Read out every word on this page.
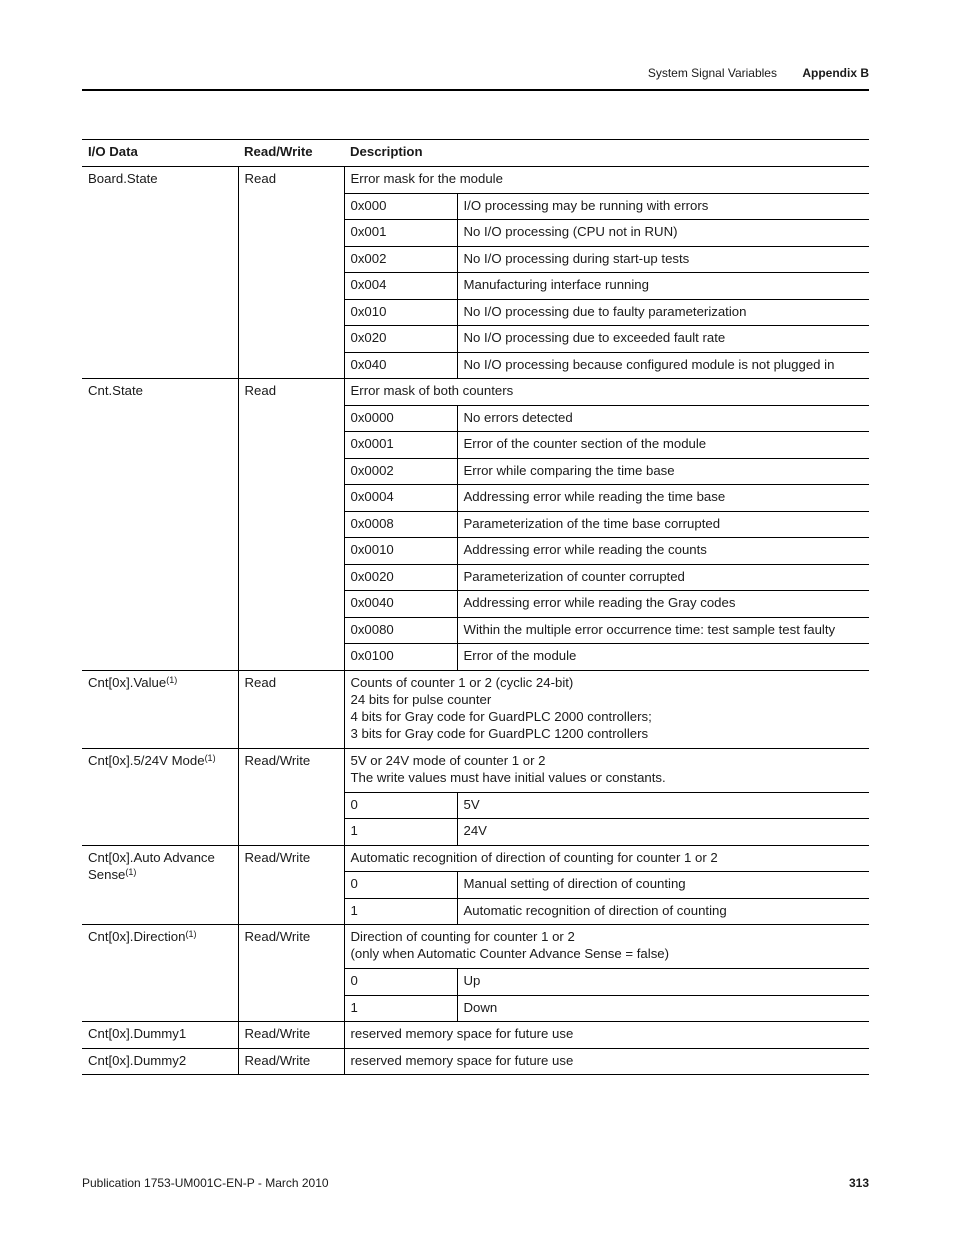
System Signal Variables Appendix B
I/O Data	Read/Write	Description	
Board.State	Read	Error mask for the module	
		0x000	I/O processing may be running with errors
		0x001	No I/O processing (CPU not in RUN)
		0x002	No I/O processing during start-up tests
		0x004	Manufacturing interface running
		0x010	No I/O processing due to faulty parameterization
		0x020	No I/O processing due to exceeded fault rate
		0x040	No I/O processing because configured module is not plugged in
Cnt.State	Read	Error mask of both counters	
		0x0000	No errors detected
		0x0001	Error of the counter section of the module
		0x0002	Error while comparing the time base
		0x0004	Addressing error while reading the time base
		0x0008	Parameterization of the time base corrupted
		0x0010	Addressing error while reading the counts
		0x0020	Parameterization of counter corrupted
		0x0040	Addressing error while reading the Gray codes
		0x0080	Within the multiple error occurrence time: test sample test faulty
		0x0100	Error of the module
Cnt[0x].Value$^{(1)}$	Read	Counts of counter 1 or 2 (cyclic 24-bit)
24 bits for pulse counter
4 bits for Gray code for GuardPLC 2000 controllers;
3 bits for Gray code for GuardPLC 1200 controllers	

Cnt[0x].5/24V Mode$^{(1)}$	Read/Write	5V or 24V mode of counter 1 or 2
The write values must have initial values or constants.	

		0	5V
		1	24V

Cnt[0x].Auto Advance
Sense$^{(1)}$	Read/Write	Automatic recognition of direction of counting for counter 1 or 2	
		0	Manual setting of direction of counting
		1	Automatic recognition of direction of counting
Cnt[0x].Direction$^{(1)}$	Read/Write	Direction of counting for counter 1 or 2
(only when Automatic Counter Advance Sense = false)	

		0	Up
		1	Down
Cnt[0x].Dummy1	Read/Write	reserved memory space for future use	
Cnt[0x].Dummy2	Read/Write	reserved memory space for future use	
Publication 1753-UM001C-EN-P - March 2010	313
